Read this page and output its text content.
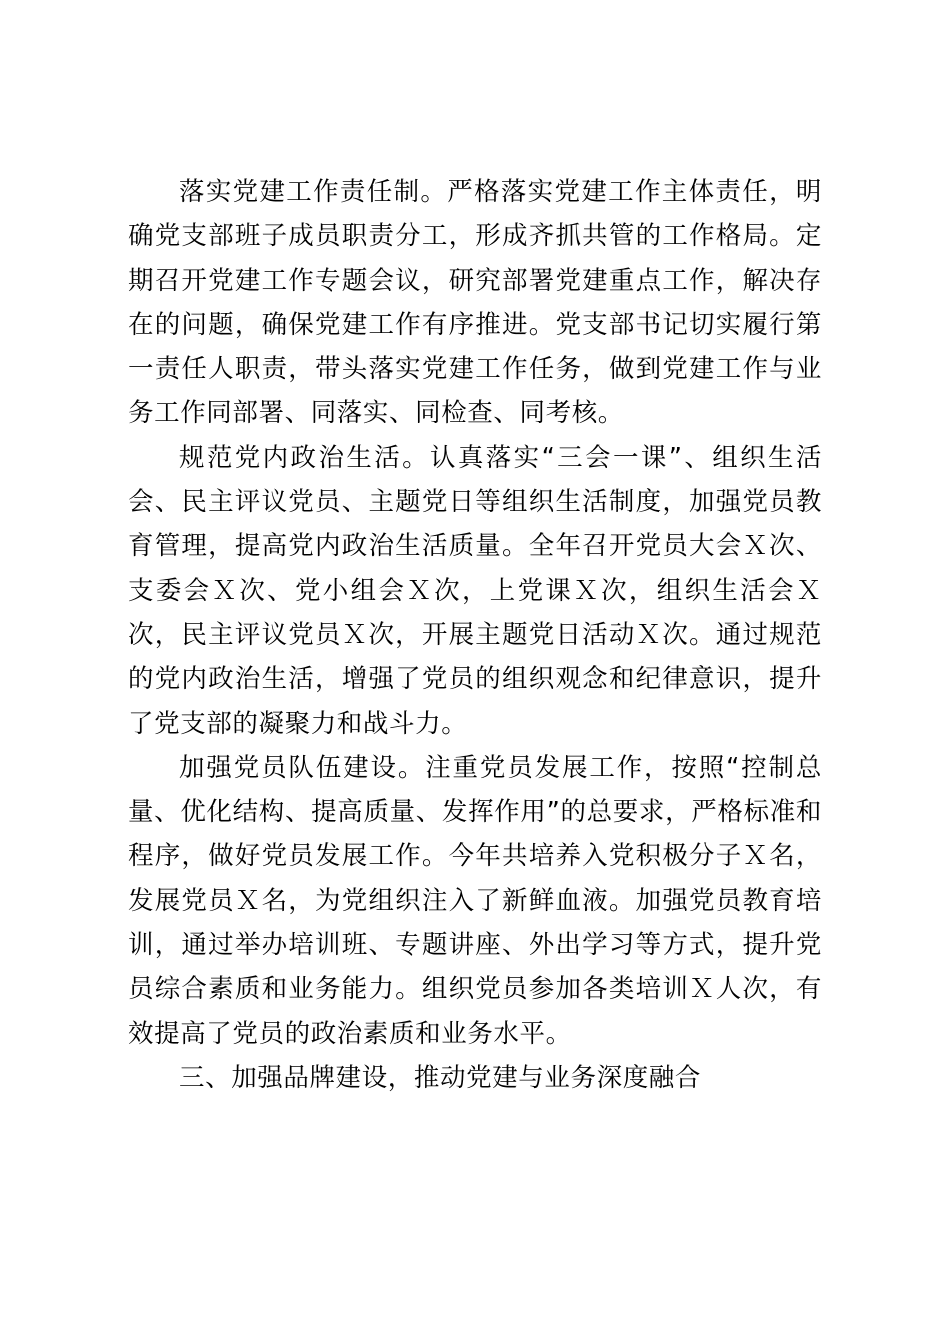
落实党建工作责任制。严格落实党建工作主体责任，明确党支部班子成员职责分工，形成齐抓共管的工作格局。定期召开党建工作专题会议，研究部署党建重点工作，解决存在的问题，确保党建工作有序推进。党支部书记切实履行第一责任人职责，带头落实党建工作任务，做到党建工作与业务工作同部署、同落实、同检查、同考核。

规范党内政治生活。认真落实“三会一课”、组织生活会、民主评议党员、主题党日等组织生活制度，加强党员教育管理，提高党内政治生活质量。全年召开党员大会Ｘ次、支委会Ｘ次、党小组会Ｘ次，上党课Ｘ次，组织生活会Ｘ次，民主评议党员Ｘ次，开展主题党日活动Ｘ次。通过规范的党内政治生活，增强了党员的组织观念和纪律意识，提升了党支部的凝聚力和战斗力。

加强党员队伍建设。注重党员发展工作，按照“控制总量、优化结构、提高质量、发挥作用”的总要求，严格标准和程序，做好党员发展工作。今年共培养入党积极分子Ｘ名，发展党员Ｘ名，为党组织注入了新鲜血液。加强党员教育培训，通过举办培训班、专题讲座、外出学习等方式，提升党员综合素质和业务能力。组织党员参加各类培训Ｘ人次，有效提高了党员的政治素质和业务水平。

三、加强品牌建设，推动党建与业务深度融合
